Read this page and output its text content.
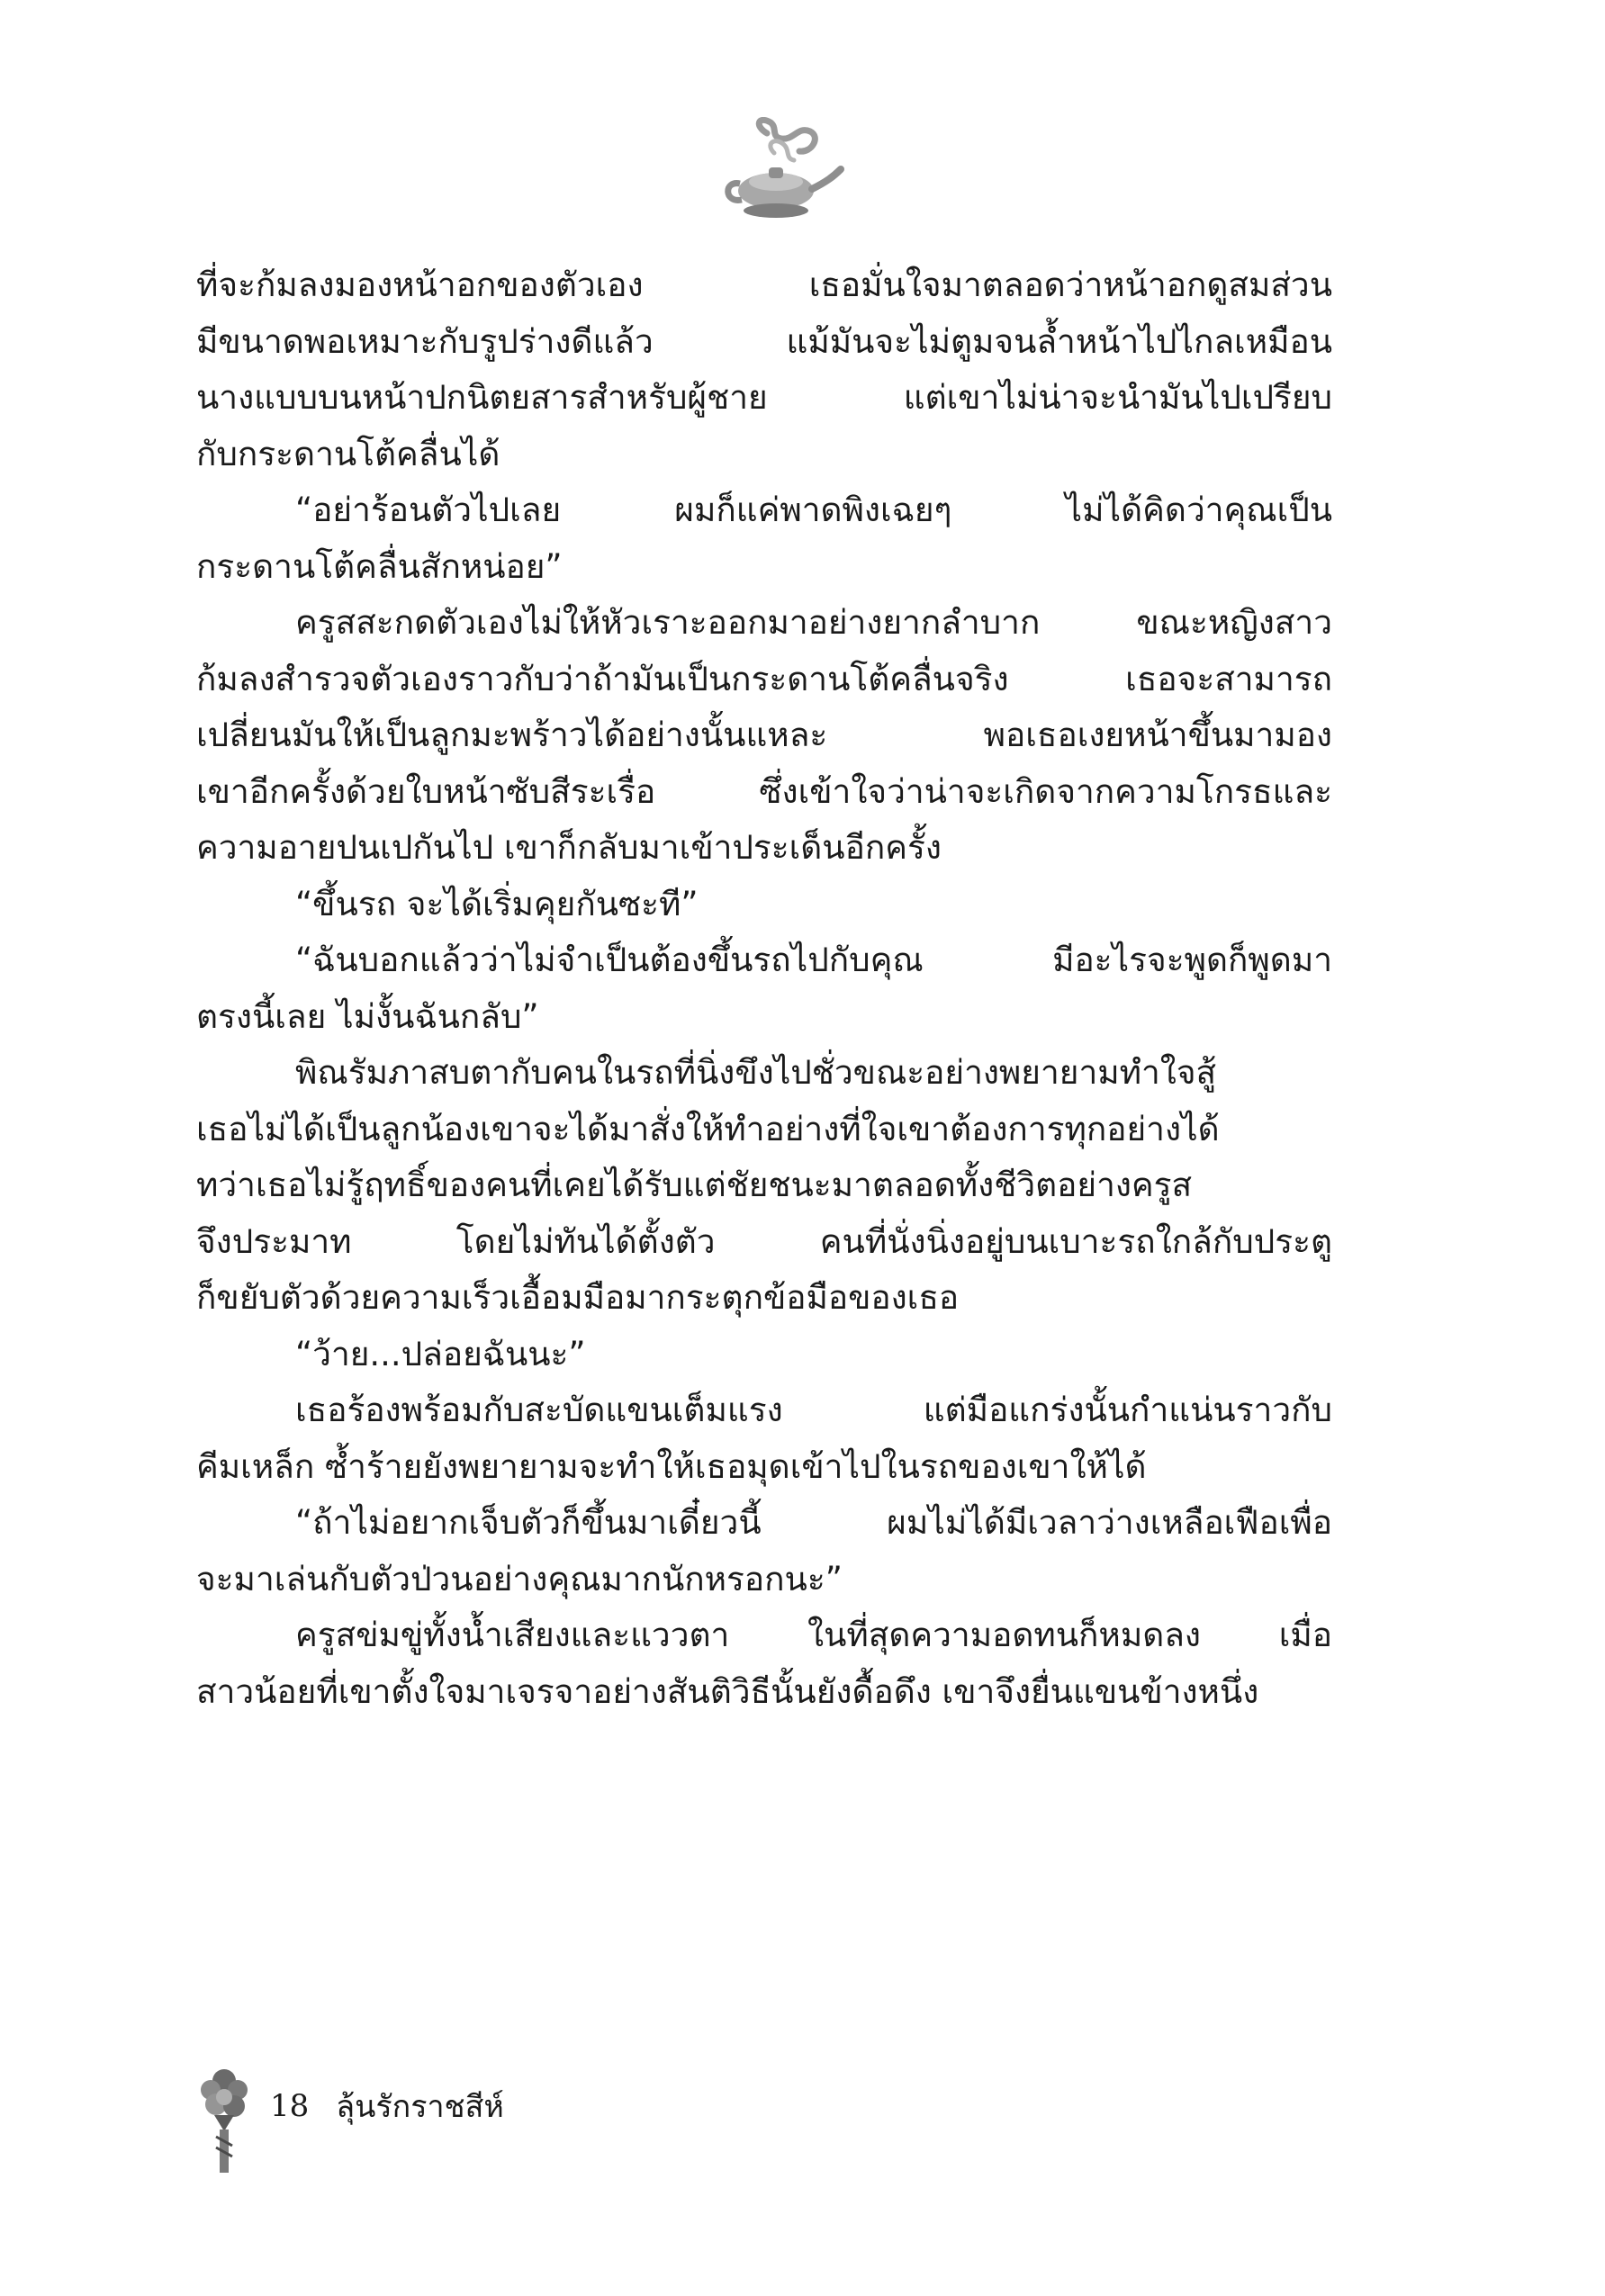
ที่จะก้มลงมองหน้าอกของตัวเอง เธอมั่นใจมาตลอดว่าหน้าอกดูสมส่วน
มีขนาดพอเหมาะกับรูปร่างดีแล้ว แม้มันจะไม่ตูมจนล้ำหน้าไปไกลเหมือน
นางแบบบนหน้าปกนิตยสารสำหรับผู้ชาย แต่เขาไม่น่าจะนำมันไปเปรียบ
กับกระดานโต้คลื่นได้
“อย่าร้อนตัวไปเลย ผมก็แค่พาดพิงเฉยๆ ไม่ได้คิดว่าคุณเป็น
กระดานโต้คลื่นสักหน่อย”
ครูสสะกดตัวเองไม่ให้หัวเราะออกมาอย่างยากลำบาก ขณะหญิงสาว
ก้มลงสำรวจตัวเองราวกับว่าถ้ามันเป็นกระดานโต้คลื่นจริง เธอจะสามารถ
เปลี่ยนมันให้เป็นลูกมะพร้าวได้อย่างนั้นแหละ พอเธอเงยหน้าขึ้นมามอง
เขาอีกครั้งด้วยใบหน้าซับสีระเรื่อ ซึ่งเข้าใจว่าน่าจะเกิดจากความโกรธและ
ความอายปนเปกันไป เขาก็กลับมาเข้าประเด็นอีกครั้ง
“ขึ้นรถ จะได้เริ่มคุยกันซะที”
“ฉันบอกแล้วว่าไม่จำเป็นต้องขึ้นรถไปกับคุณ มีอะไรจะพูดก็พูดมา
ตรงนี้เลย ไม่งั้นฉันกลับ”
พิณรัมภาสบตากับคนในรถที่นิ่งขึงไปชั่วขณะอย่างพยายามทำใจสู้
เธอไม่ได้เป็นลูกน้องเขาจะได้มาสั่งให้ทำอย่างที่ใจเขาต้องการทุกอย่างได้
ทว่าเธอไม่รู้ฤทธิ์ของคนที่เคยได้รับแต่ชัยชนะมาตลอดทั้งชีวิตอย่างครูส
จึงประมาท โดยไม่ทันได้ตั้งตัว คนที่นั่งนิ่งอยู่บนเบาะรถใกล้กับประตู
ก็ขยับตัวด้วยความเร็วเอื้อมมือมากระตุกข้อมือของเธอ
“ว้าย...ปล่อยฉันนะ”
เธอร้องพร้อมกับสะบัดแขนเต็มแรง แต่มือแกร่งนั้นกำแน่นราวกับ
คีมเหล็ก ซ้ำร้ายยังพยายามจะทำให้เธอมุดเข้าไปในรถของเขาให้ได้
“ถ้าไม่อยากเจ็บตัวก็ขึ้นมาเดี๋ยวนี้ ผมไม่ได้มีเวลาว่างเหลือเฟือเพื่อ
จะมาเล่นกับตัวป่วนอย่างคุณมากนักหรอกนะ”
ครูสข่มขู่ทั้งน้ำเสียงและแววตา ในที่สุดความอดทนก็หมดลง เมื่อ
สาวน้อยที่เขาตั้งใจมาเจรจาอย่างสันติวิธีนั้นยังดื้อดึง เขาจึงยื่นแขนข้างหนึ่ง
18 ลุ้นรักราชสีห์
